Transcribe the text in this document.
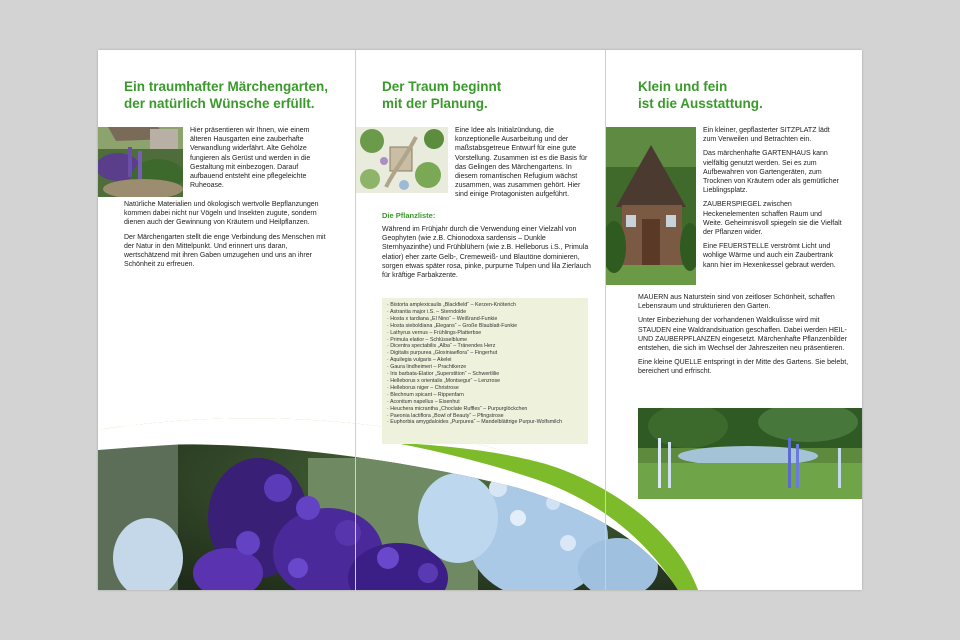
Ein traumhafter Märchengarten,
der natürlich Wünsche erfüllt.
Hier präsentieren wir Ihnen, wie einem älteren Hausgarten eine zauberhafte Verwandlung widerfährt. Alte Gehölze fungieren als Gerüst und werden in die Gestaltung mit einbezogen. Darauf aufbauend entsteht eine pflegeleichte Ruheoase.

Natürliche Materialien und ökologisch wertvolle Bepflanzungen kommen dabei nicht nur Vögeln und Insekten zugute, sondern dienen auch der Gewinnung von Kräutern und Heilpflanzen.

Der Märchengarten stellt die enge Verbindung des Menschen mit der Natur in den Mittelpunkt. Und erinnert uns daran, wertschätzend mit ihren Gaben umzugehen und uns an ihrer Schönheit zu erfreuen.

Der Traum beginnt
mit der Planung.
Eine Idee als Initialzündung, die konzeptionelle Ausarbeitung und der maßstabsgetreue Entwurf für eine gute Vorstellung. Zusammen ist es die Basis für das Gelingen des Märchengartens. In diesem romantischen Refugium wächst zusammen, was zusammen gehört. Hier sind einige Protagonisten aufgeführt.

Die Pflanzliste:

Während im Frühjahr durch die Verwendung einer Vielzahl von Geophyten (wie z.B. Chionodoxa sardensis – Dunkle Sternhyazinthe) und Frühblühern (wie z.B. Helleborus i.S., Primula elatior) eher zarte Gelb-, Cremeweiß- und Blautöne dominieren, sorgen etwas später rosa, pinke, purpurne Tulpen und lila Zierlauch für kräftige Farbakzente.
· Bistorta amplexicaulis „Blackfield“ – Kerzen-Knöterich
· Astrantia major i.S. – Sterndolde
· Hosta x tardiana „El Nino“ – Weißrand-Funkie
· Hosta sieboldiana „Elegans“ – Große Blaublatt-Funkie
· Lathyrus vernus – Frühlings-Platterbse
· Primula elatior – Schlüsselblume
· Dicentra spectabilis „Alba“ – Tränendes Herz
· Digitalis purpurea „Gloxiniaeflora“ – Fingerhut
· Aquilegia vulgaris – Akelei
· Gaura lindheimeri – Prachtkerze
· Iris barbata-Elatior „Superstition“ – Schwertlilie
· Helleborus x orientalis „Montsegur“ – Lenzrose
· Helleborus niger – Christrose
· Blechnum spicant – Rippenfarn
· Aconitum napellus – Eisenhut
· Heuchera micrantha „Choclate Ruffles“ – Purpurglöckchen
· Paeonia lactiflora „Bowl of Beauty“ – Pfingstrose
· Euphorbia amygdaloides „Purpurea“ – Mandelblättrige Purpur-Wolfsmilch
Klein und fein
ist die Ausstattung.

Ein kleiner, gepflasterter SITZPLATZ lädt zum Verweilen und Betrachten ein.

Das märchenhafte GARTENHAUS kann vielfältig genutzt werden. Sei es zum Aufbewahren von Gartengeräten, zum Trocknen von Kräutern oder als gemütlicher Lieblingsplatz.

ZAUBERSPIEGEL zwischen Heckenelementen schaffen Raum und Weite. Geheimnisvoll spiegeln sie die Vielfalt der Pflanzen wider.

Eine FEUERSTELLE verströmt Licht und wohlige Wärme und auch ein Zaubertrank kann hier im Hexenkessel gebraut werden.

MAUERN aus Naturstein sind von zeitloser Schönheit, schaffen Lebensraum und strukturieren den Garten.

Unter Einbeziehung der vorhandenen Waldkulisse wird mit STAUDEN eine Waldrandsituation geschaffen. Dabei werden HEIL- UND ZAUBERPFLANZEN eingesetzt. Märchenhafte Pflanzenbilder entstehen, die sich im Wechsel der Jahreszeiten neu präsentieren.

Eine kleine QUELLE entspringt in der Mitte des Gartens. Sie belebt, bereichert und erfrischt.
